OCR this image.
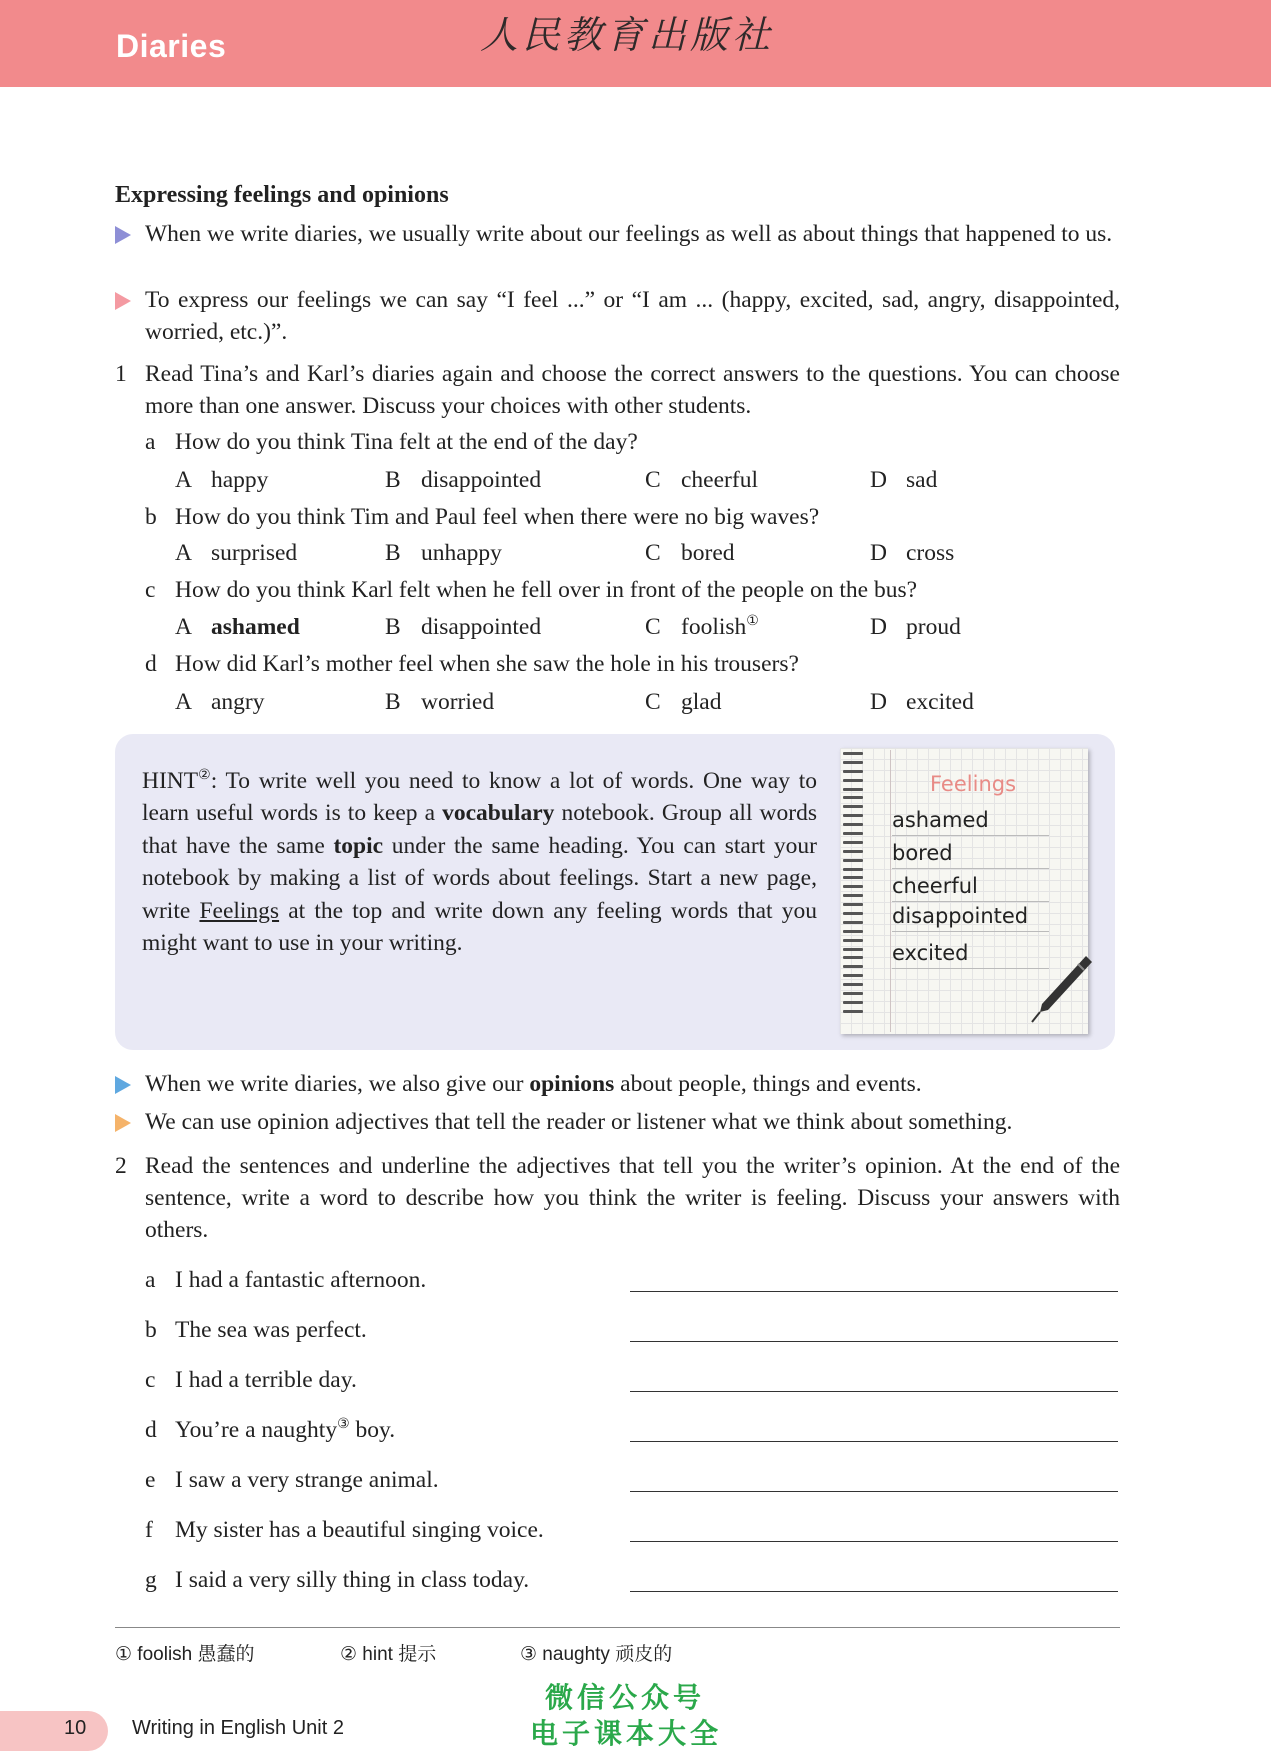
Diaries	人民教育出版社
Expressing feelings and opinions
When we write diaries, we usually write about our feelings as well as about things that happened to us.
To express our feelings we can say “I feel ...” or “I am ... (happy, excited, sad, angry, disappointed, worried, etc.)”.
1 Read Tina’s and Karl’s diaries again and choose the correct answers to the questions. You can choose more than one answer. Discuss your choices with other students.
a How do you think Tina felt at the end of the day?
A happy	B disappointed	C cheerful	D sad
b How do you think Tim and Paul feel when there were no big waves?
A surprised	B unhappy	C bored	D cross
c How do you think Karl felt when he fell over in front of the people on the bus?
A ashamed	B disappointed	C foolish①	D proud
d How did Karl’s mother feel when she saw the hole in his trousers?
A angry	B worried	C glad	D excited
HINT②: To write well you need to know a lot of words. One way to learn useful words is to keep a vocabulary notebook. Group all words that have the same topic under the same heading. You can start your notebook by making a list of words about feelings. Start a new page, write Feelings at the top and write down any feeling words that you might want to use in your writing.
Feelings
ashamed
bored
cheerful
disappointed
excited
When we write diaries, we also give our opinions about people, things and events.
We can use opinion adjectives that tell the reader or listener what we think about something.
2 Read the sentences and underline the adjectives that tell you the writer’s opinion. At the end of the sentence, write a word to describe how you think the writer is feeling. Discuss your answers with others.
a I had a fantastic afternoon.
b The sea was perfect.
c I had a terrible day.
d You’re a naughty③ boy.
e I saw a very strange animal.
f My sister has a beautiful singing voice.
g I said a very silly thing in class today.
① foolish 愚蠢的	② hint 提示	③ naughty 顽皮的
10 Writing in English Unit 2
微信公众号
电子课本大全
